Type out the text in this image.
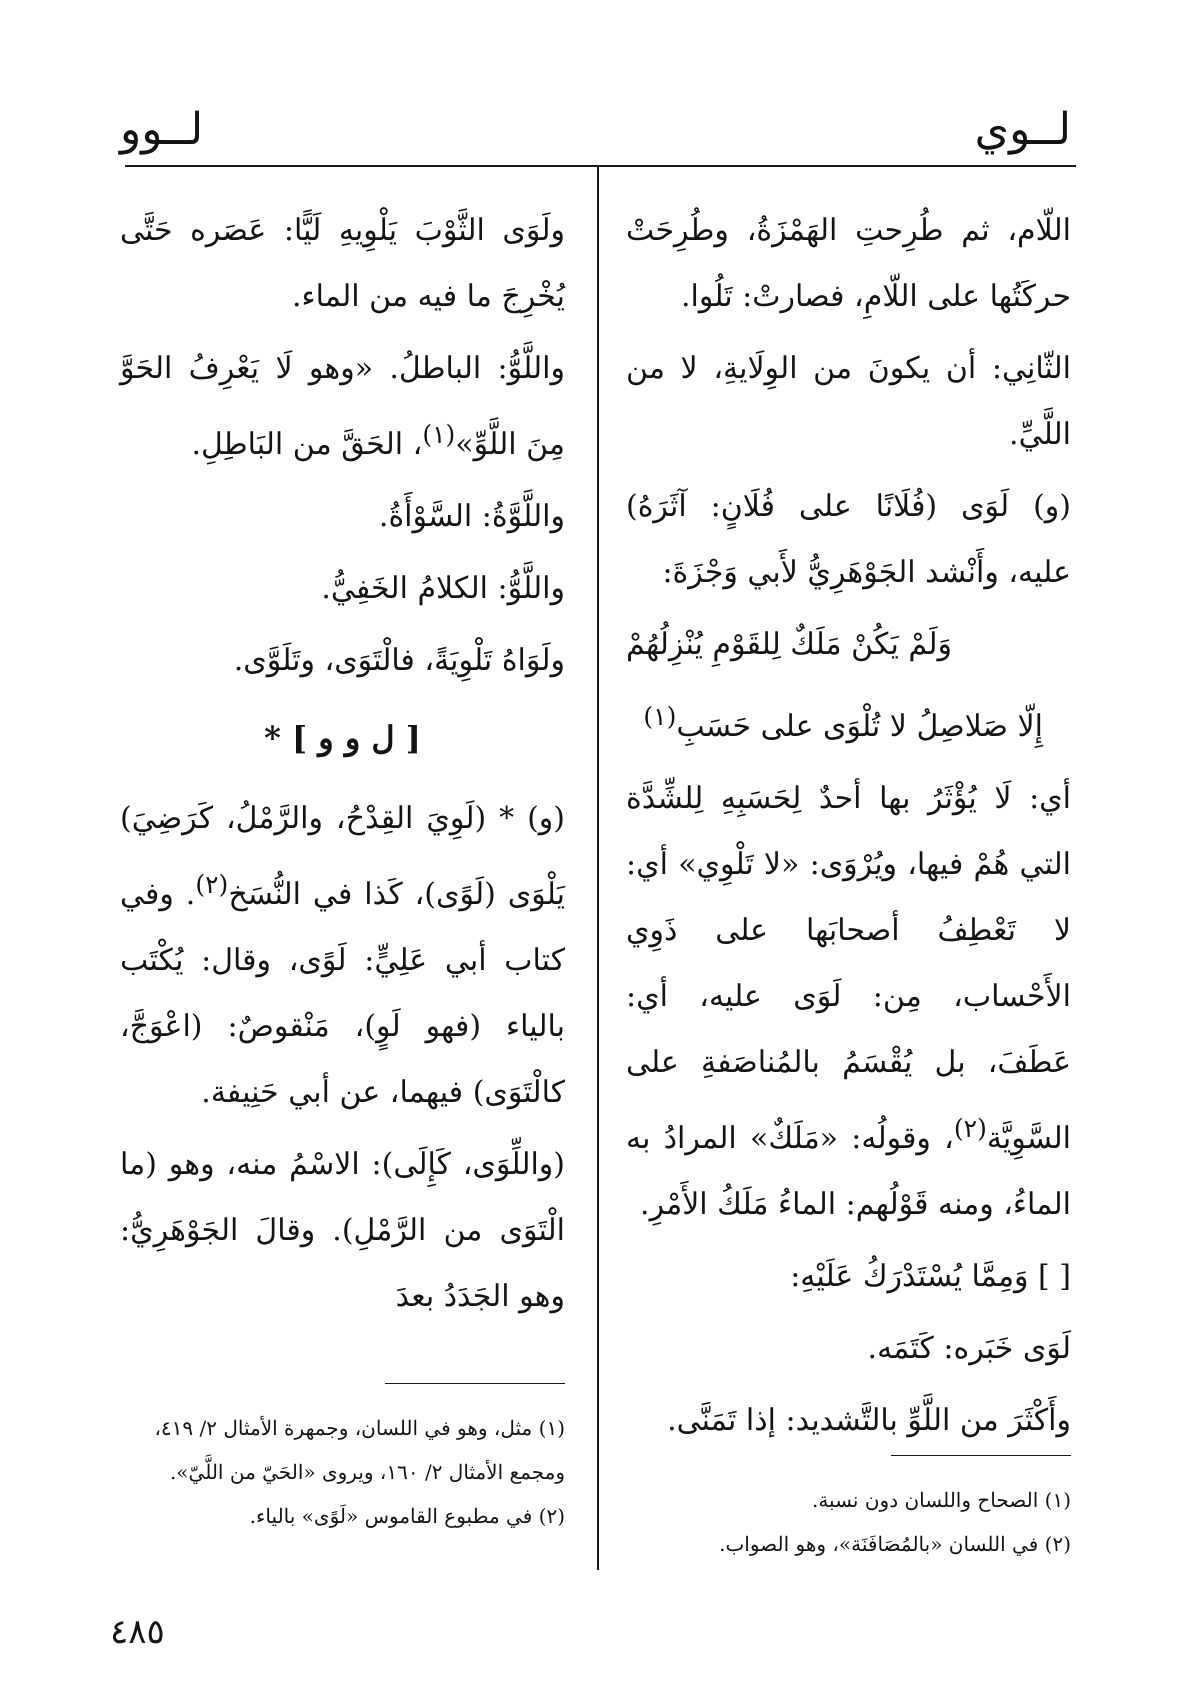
لــوي
لــوو

اللّام، ثم طُرِحتِ الهَمْزَةُ، وطُرِحَتْ حركَتُها على اللّامِ، فصارتْ: تَلُوا.

الثّانِي: أن يكونَ من الوِلَايةِ، لا من اللَّيِّ.

(و) لَوَى (فُلَانًا على فُلَانٍ: آثَرَهُ) عليه، وأَنْشد الجَوْهَرِيُّ لأَبي وَجْزَةَ:

وَلَمْ يَكُنْ مَلَكٌ لِلقَوْمِ يُنْزِلُهُمْ
إِلّا صَلاصِلُ لا تُلْوَى على حَسَبِ$^{(١)}$

أي: لَا يُؤْثَرُ بها أحدٌ لِحَسَبِهِ لِلشِّدَّة التي هُمْ فيها، ويُرْوَى: «لا تَلْوِي» أي: لا تَعْطِفُ أصحابَها على ذَوِي الأَحْساب، مِن: لَوَى عليه، أي: عَطَفَ، بل يُقْسَمُ بالمُناصَفةِ على السَّوِيَّة$^{(٢)}$، وقولُه: «مَلَكٌ» المرادُ به الماءُ، ومنه قَوْلُهم: الماءُ مَلَكُ الأَمْرِ.

[ ] وَمِمَّا يُسْتَدْرَكُ عَلَيْهِ:

لَوَى خَبَره: كَتَمَه.

وأَكْثَرَ من اللَّوِّ بالتَّشديد: إذا تَمَنَّى.

ولَوَى الثَّوْبَ يَلْوِيهِ لَيًّا: عَصَره حَتَّى يُخْرِجَ ما فيه من الماء.

واللَّوُّ: الباطلُ. «وهو لَا يَعْرِفُ الحَوَّ مِنَ اللَّوِّ»$^{(١)}$، الحَقَّ من البَاطِلِ.

واللَّوَّةُ: السَّوْأَةُ.

واللَّوُّ: الكلامُ الخَفِيُّ.

ولَوَاهُ تَلْوِيَةً، فالْتَوَى، وتَلَوَّى.

[ ل و و ] *

(و) * (لَوِيَ القِدْحُ، والرَّمْلُ، كَرَضِيَ) يَلْوَى (لَوًى)، كَذا في النُّسَخ$^{(٢)}$. وفي كتاب أبي عَلِيٍّ: لَوًى، وقال: يُكْتَب بالياء (فهو لَوٍ)، مَنْقوصٌ: (اعْوَجَّ، كالْتَوَى) فيهما، عن أبي حَنِيفة.

(واللِّوَى، كَإِلَى): الاسْمُ منه، وهو (ما الْتَوَى من الرَّمْلِ). وقالَ الجَوْهَرِيُّ: وهو الجَدَدُ بعدَ

(١) الصحاح واللسان دون نسبة.

(٢) في اللسان «بالمُصَافَنَة»، وهو الصواب.

(١) مثل، وهو في اللسان، وجمهرة الأمثال ٢/ ٤١٩، ومجمع الأمثال ٢/ ١٦٠، ويروى «الحَيّ من اللَّيّ».

(٢) في مطبوع القاموس «لَوًى» بالياء.

٤٨٥
